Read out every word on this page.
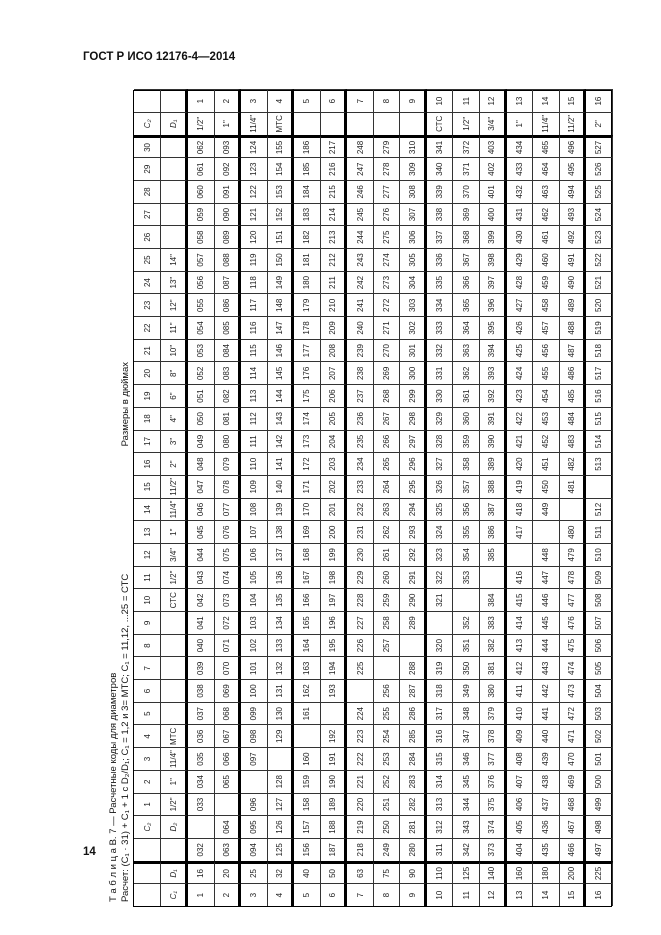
ГОСТ Р ИСО 12176-4—2014
Т а б л и ц а В. 7 — Расчетные коды для диаметров Расчет: (C₁ · 31) + C₁ + 1 с D₂/D₁; C₁ = 1,2 и 3= МТС; C₁ = 11,12, ...25 = СТС
Размеры в дюймах
C₂
1
2
3
4
5
6
7
8
9
10
11
12
13
14
15
16
17
18
19
20
21
22
23
24
25
26
27
28
29
30
C₂
C₁
D₁
D₂
1/2"
1"
11/4"
МТС
СТС
1/2"
3/4"
1"
11/4"
11/2"
2"
3"
4"
6"
8"
10"
11"
12"
13"
14"
D₁
1
16
032
033
034
035
036
037
038
039
040
041
042
043
044
045
046
047
048
049
050
051
052
053
054
055
056
057
058
059
060
061
062
1/2"
1
2
20
063
064
065
066
067
068
069
070
071
072
073
074
075
076
077
078
079
080
081
082
083
084
085
086
087
088
089
090
091
092
093
1"
2
3
25
094
095
096
097
098
099
100
101
102
103
104
105
106
107
108
109
110
111
112
113
114
115
116
117
118
119
120
121
122
123
124
11/4"
3
4
32
125
126
127
128
129
130
131
132
133
134
135
136
137
138
139
140
141
142
143
144
145
146
147
148
149
150
151
152
153
154
155
МТС
4
5
40
156
157
158
159
160
161
162
163
164
165
166
167
168
169
170
171
172
173
174
175
176
177
178
179
180
181
182
183
184
185
186
5
6
50
187
188
189
190
191
192
193
194
195
196
197
198
199
200
201
202
203
204
205
206
207
208
209
210
211
212
213
214
215
216
217
6
7
63
218
219
220
221
222
223
224
225
226
227
228
229
230
231
232
233
234
235
236
237
238
239
240
241
242
243
244
245
246
247
248
7
8
75
249
250
251
252
253
254
255
256
257
258
259
260
261
262
263
264
265
266
267
268
269
270
271
272
273
274
275
276
277
278
279
8
9
90
280
281
282
283
284
285
286
287
288
289
290
291
292
293
294
295
296
297
298
299
300
301
302
303
304
305
306
307
308
309
310
9
10
110
311
312
313
314
315
316
317
318
319
320
321
322
323
324
325
326
327
328
329
330
331
332
333
334
335
336
337
338
339
340
341
СТС
10
11
125
342
343
344
345
346
347
348
349
350
351
352
353
354
355
356
357
358
359
360
361
362
363
364
365
366
367
368
369
370
371
372
1/2"
11
12
140
373
374
375
376
377
378
379
380
381
382
383
384
385
386
387
388
389
390
391
392
393
394
395
396
397
398
399
400
401
402
403
3/4"
12
13
160
404
405
406
407
408
409
410
411
412
413
414
415
416
417
418
419
420
421
422
423
424
425
426
427
428
429
430
431
432
433
434
1"
13
14
180
435
436
437
438
439
440
441
442
443
444
445
446
447
448
449
450
451
452
453
454
455
456
457
458
459
460
461
462
463
464
465
11/4"
14
15
200
466
467
468
469
470
471
472
473
474
475
476
477
478
479
480
481
482
483
484
485
486
487
488
489
490
491
492
493
494
495
496
11/2"
15
16
225
497
498
499
500
501
502
503
504
505
506
507
508
509
510
511
512
513
514
515
516
517
518
519
520
521
522
523
524
525
526
527
2"
16
14
